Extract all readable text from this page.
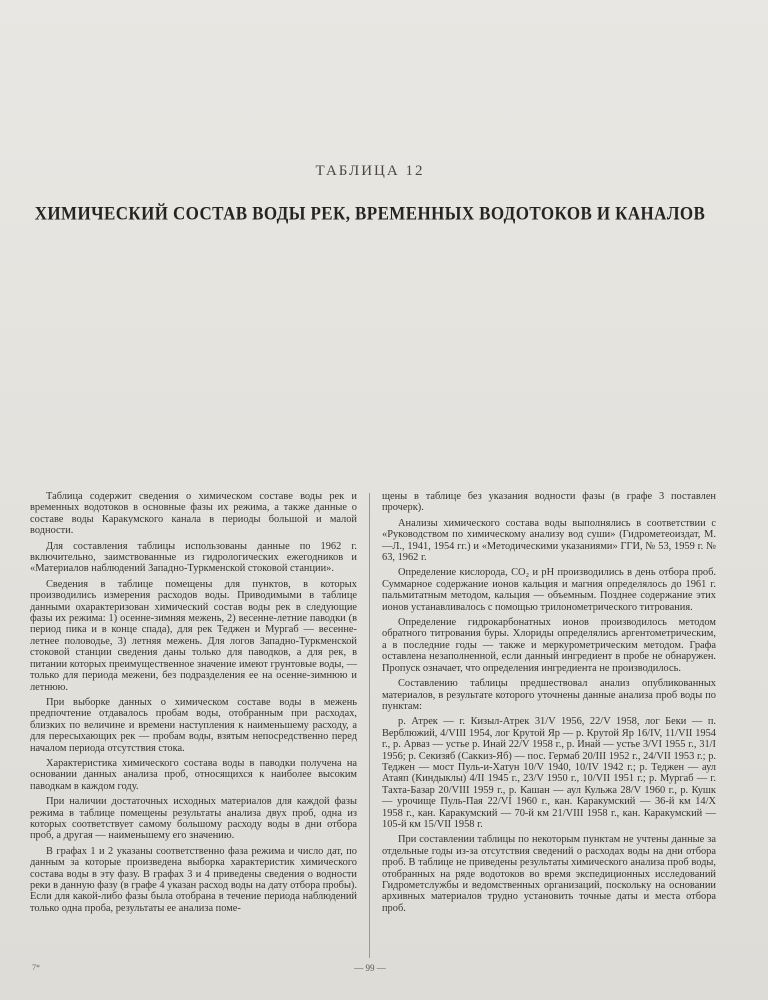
ТАБЛИЦА 12
ХИМИЧЕСКИЙ СОСТАВ ВОДЫ РЕК, ВРЕМЕННЫХ ВОДОТОКОВ И КАНАЛОВ

Таблица содержит сведения о химическом составе воды рек и временных водотоков в основные фазы их режима, а также данные о составе воды Каракумского канала в периоды большой и малой водности.

Для составления таблицы использованы данные по 1962 г. включительно, заимствованные из гидрологических ежегодников и «Материалов наблюдений Западно-Туркменской стоковой станции».

Сведения в таблице помещены для пунктов, в которых производились измерения расходов воды. Приводимыми в таблице данными охарактеризован химический состав воды рек в следующие фазы их режима: 1) осенне-зимняя межень, 2) весенне-летние паводки (в период пика и в конце спада), для рек Теджен и Мургаб — весенне-летнее половодье, 3) летняя межень. Для логов Западно-Туркменской стоковой станции сведения даны только для паводков, а для рек, в питании которых преимущественное значение имеют грунтовые воды, — только для периода межени, без подразделения ее на осенне-зимнюю и летнюю.

При выборке данных о химическом составе воды в межень предпочтение отдавалось пробам воды, отобранным при расходах, близких по величине и времени наступления к наименьшему расходу, а для пересыхающих рек — пробам воды, взятым непосредственно перед началом периода отсутствия стока.

Характеристика химического состава воды в паводки получена на основании данных анализа проб, относящихся к наиболее высоким паводкам в каждом году.

При наличии достаточных исходных материалов для каждой фазы режима в таблице помещены результаты анализа двух проб, одна из которых соответствует самому большому расходу воды в дни отбора проб, а другая — наименьшему его значению.

В графах 1 и 2 указаны соответственно фаза режима и число дат, по данным за которые произведена выборка характеристик химического состава воды в эту фазу. В графах 3 и 4 приведены сведения о водности реки в данную фазу (в графе 4 указан расход воды на дату отбора пробы). Если для какой-либо фазы была отобрана в течение периода наблюдений только одна проба, результаты ее анализа поме-

щены в таблице без указания водности фазы (в графе 3 поставлен прочерк).

Анализы химического состава воды выполнялись в соответствии с «Руководством по химическому анализу вод суши» (Гидрометеоиздат, М.—Л., 1941, 1954 гг.) и «Методическими указаниями» ГГИ, № 53, 1959 г. № 63, 1962 г.

Определение кислорода, CO₂ и pH производились в день отбора проб. Суммарное содержание ионов кальция и магния определялось до 1961 г. пальмитатным методом, кальция — объемным. Позднее содержание этих ионов устанавливалось с помощью трилонометрического титрования.

Определение гидрокарбонатных ионов производилось методом обратного титрования буры. Хлориды определялись аргентометрическим, а в последние годы — также и меркурометрическим методом. Графа оставлена незаполненной, если данный ингредиент в пробе не обнаружен. Пропуск означает, что определения ингредиента не производилось.

Составлению таблицы предшествовал анализ опубликованных материалов, в результате которого уточнены данные анализа проб воды по пунктам:

р. Атрек — г. Кизыл-Атрек 31/V 1956, 22/V 1958, лог Беки — п. Верблюжий, 4/VIII 1954, лог Крутой Яр — р. Крутой Яр 16/IV, 11/VII 1954 г., р. Арваз — устье р. Инай 22/V 1958 г., р. Инай — устье 3/VI 1955 г., 31/I 1956; р. Секизяб (Саккиз-Яб) — пос. Гермаб 20/III 1952 г., 24/VII 1953 г.; р. Теджен — мост Пуль-и-Хатун 10/V 1940, 10/IV 1942 г.; р. Теджен — аул Атаяп (Киндыклы) 4/II 1945 г., 23/V 1950 г., 10/VII 1951 г.; р. Мургаб — г. Тахта-Базар 20/VIII 1959 г., р. Кашан — аул Кульжа 28/V 1960 г., р. Кушк — урочище Пуль-Пая 22/VI 1960 г., кан. Каракумский — 36-й км 14/X 1958 г., кан. Каракумский — 70-й км 21/VIII 1958 г., кан. Каракумский — 105-й км 15/VII 1958 г.

При составлении таблицы по некоторым пунктам не учтены данные за отдельные годы из-за отсутствия сведений о расходах воды на дни отбора проб. В таблице не приведены результаты химического анализа проб воды, отобранных на ряде водотоков во время экспедиционных исследований Гидрометслужбы и ведомственных организаций, поскольку на основании архивных материалов трудно установить точные даты и места отбора проб.

7*	— 99 —
